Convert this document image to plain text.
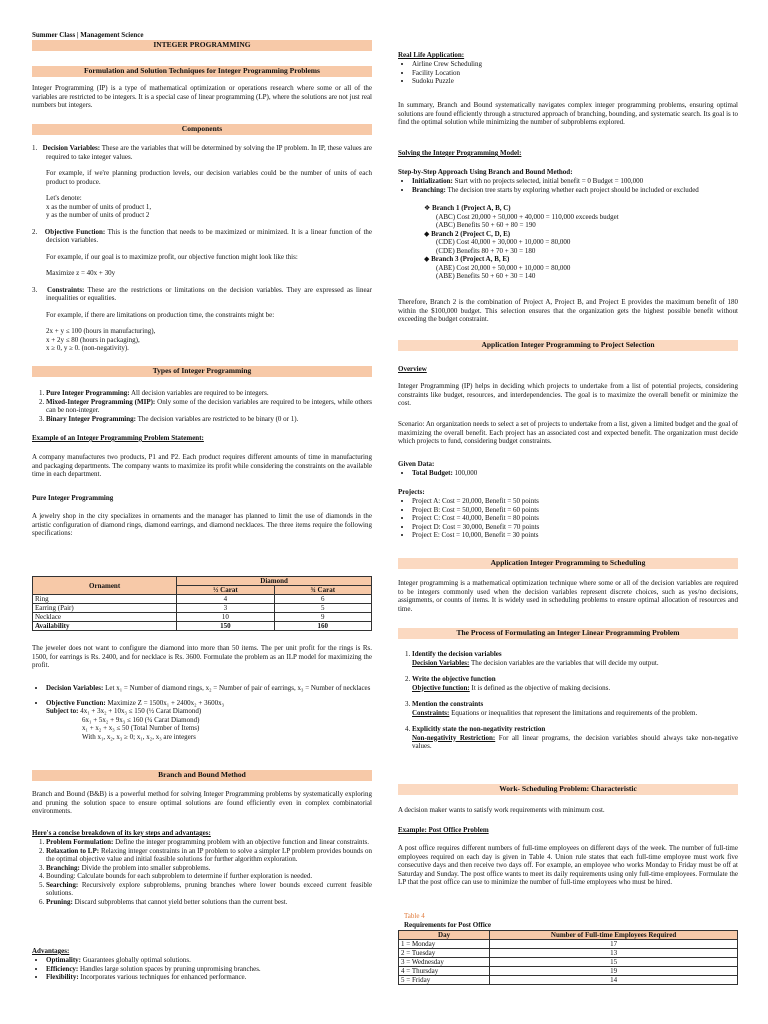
Summer Class | Management Science
INTEGER PROGRAMMING
Formulation and Solution Techniques for Integer Programming Problems

Integer Programming (IP) is a type of mathematical optimization or operations research where some or all of the variables are restricted to be integers. It is a special case of linear programming (LP), where the solutions are not just real numbers but integers.

Components

1.   Decision Variables: These are the variables that will be determined by solving the IP problem. In IP, these values are required to take integer values.

For example, if we're planning production levels, our decision variables could be the number of units of each product to produce.

Let's denote:

x as the number of units of product 1,

y as the number of units of product 2

2.   Objective Function: This is the function that needs to be maximized or minimized. It is a linear function of the decision variables.

For example, if our goal is to maximize profit, our objective function might look like this:

Maximize z = 40x + 30y

3.   Constraints: These are the restrictions or limitations on the decision variables. They are expressed as linear inequalities or equalities.

For example, if there are limitations on production time, the constraints might be:

2x + y ≤ 100 (hours in manufacturing),

x + 2y ≤ 80 (hours in packaging),

x ≥ 0, y ≥ 0. (non-negativity).

Types of Integer Programming
1. Pure Integer Programming: All decision variables are required to be integers.
2. Mixed-Integer Programming (MIP): Only some of the decision variables are required to be integers, while others can be non-integer.
3. Binary Integer Programming: The decision variables are restricted to be binary (0 or 1).

Example of an Integer Programming Problem Statement:

A company manufactures two products, P1 and P2. Each product requires different amounts of time in manufacturing and packaging departments. The company wants to maximize its profit while considering the constraints on the available time in each department.

Pure Integer Programming

A jewelry shop in the city specializes in ornaments and the manager has planned to limit the use of diamonds in the artistic configuration of diamond rings, diamond earrings, and diamond necklaces. The three items require the following specifications:

Ornament	Diamond	
	½ Carat	¾ Carat
Ring	4	6
Earring (Pair)	3	5
Necklace	10	9
Availability	150	160

The jeweler does not want to configure the diamond into more than 50 items. The per unit profit for the rings is Rs. 1500, for earrings is Rs. 2400, and for necklace is Rs. 3600. Formulate the problem as an ILP model for maximizing the profit.

• Decision Variables: Let x₁ = Number of diamond rings, x₂ = Number of pair of earrings, x₃ = Number of necklaces
• Objective Function: Maximize Z = 1500x₁ + 2400x₂ + 3600x₃
Subject to: 4x₁ + 3x₂ + 10x₃ ≤ 150 (½ Carat Diamond)
6x₁ + 5x₂ + 9x₃ ≤ 160 (¾ Carat Diamond)
x₁ + x₂ + x₃ ≤ 50 (Total Number of Items)
With x₁, x₂, x₃ ≥ 0; x₁, x₂, x₃ are integers
Branch and Bound Method

Branch and Bound (B&B) is a powerful method for solving Integer Programming problems by systematically exploring and pruning the solution space to ensure optimal solutions are found efficiently even in complex combinatorial environments.

Here's a concise breakdown of its key steps and advantages:

1. Problem Formulation: Define the integer programming problem with an objective function and linear constraints.
2. Relaxation to LP: Relaxing integer constraints in an IP problem to solve a simpler LP problem provides bounds on the optimal objective value and initial feasible solutions for further algorithm exploration.
3. Branching: Divide the problem into smaller subproblems.
4. Bounding: Calculate bounds for each subproblem to determine if further exploration is needed.
5. Searching: Recursively explore subproblems, pruning branches where lower bounds exceed current feasible solutions.
6. Pruning: Discard subproblems that cannot yield better solutions than the current best.

Advantages:

• Optimality: Guarantees globally optimal solutions.
• Efficiency: Handles large solution spaces by pruning unpromising branches.
• Flexibility: Incorporates various techniques for enhanced performance.

Real Life Application:

• Airline Crew Scheduling
• Facility Location
• Sudoku Puzzle

In summary, Branch and Bound systematically navigates complex integer programming problems, ensuring optimal solutions are found efficiently through a structured approach of branching, bounding, and systematic search. Its goal is to find the optimal solution while minimizing the number of subproblems explored.

Solving the Integer Programming Model:

Step-by-Step Approach Using Branch and Bound Method:

• Initialization: Start with no projects selected, initial benefit = 0 Budget = 100,000
• Branching: The decision tree starts by exploring whether each project should be included or excluded
❖ Branch 1 (Project A, B, C)
(ABC) Cost 20,000 + 50,000 + 40,000 = 110,000 exceeds budget
(ABC) Benefits 50 + 60 + 80 = 190
◆ Branch 2 (Project C, D, E)
(CDE) Cost 40,000 + 30,000 + 10,000 = 80,000
(CDE) Benefits 80 + 70 + 30 = 180
◆ Branch 3 (Project A, B, E)
(ABE) Cost 20,000 + 50,000 + 10,000 = 80,000
(ABE) Benefits 50 + 60 + 30 = 140

Therefore, Branch 2 is the combination of Project A, Project B, and Project E provides the maximum benefit of 180 within the $100,000 budget. This selection ensures that the organization gets the highest possible benefit without exceeding the budget constraint.

Application Integer Programming to Project Selection

Overview

Integer Programming (IP) helps in deciding which projects to undertake from a list of potential projects, considering constraints like budget, resources, and interdependencies. The goal is to maximize the overall benefit or minimize the cost.

Scenario: An organization needs to select a set of projects to undertake from a list, given a limited budget and the goal of maximizing the overall benefit. Each project has an associated cost and expected benefit. The organization must decide which projects to fund, considering budget constraints.

Given Data:

• Total Budget: 100,000

Projects:

• Project A: Cost = 20,000, Benefit = 50 points
• Project B: Cost = 50,000, Benefit = 60 points
• Project C: Cost = 40,000, Benefit = 80 points
• Project D: Cost = 30,000, Benefit = 70 points
• Project E: Cost = 10,000, Benefit = 30 points
Application Integer Programming to Scheduling

Integer programming is a mathematical optimization technique where some or all of the decision variables are required to be integers commonly used when the decision variables represent discrete choices, such as yes/no decisions, assignments, or counts of items. It is widely used in scheduling problems to ensure optimal allocation of resources and time.

The Process of Formulating an Integer Linear Programming Problem
1. Identify the decision variables
Decision Variables: The decision variables are the variables that will decide my output.
2. Write the objective function
Objective function: It is defined as the objective of making decisions.
3. Mention the constraints
Constraints: Equations or inequalities that represent the limitations and requirements of the problem.
4. Explicitly state the non-negativity restriction
Non-negativity Restriction: For all linear programs, the decision variables should always take non-negative values.
Work- Scheduling Problem: Characteristic

A decision maker wants to satisfy work requirements with minimum cost.

Example: Post Office Problem

A post office requires different numbers of full-time employees on different days of the week. The number of full-time employees required on each day is given in Table 4. Union rule states that each full-time employee must work five consecutive days and then receive two days off. For example, an employee who works Monday to Friday must be off at Saturday and Sunday. The post office wants to meet its daily requirements using only full-time employees. Formulate the LP that the post office can use to minimize the number of full-time employees who must be hired.

Table 4

Requirements for Post Office

Day	Number of Full-time Employees Required
1 = Monday	17
2 = Tuesday	13
3 = Wednesday	15
4 = Thursday	19
5 = Friday	14
